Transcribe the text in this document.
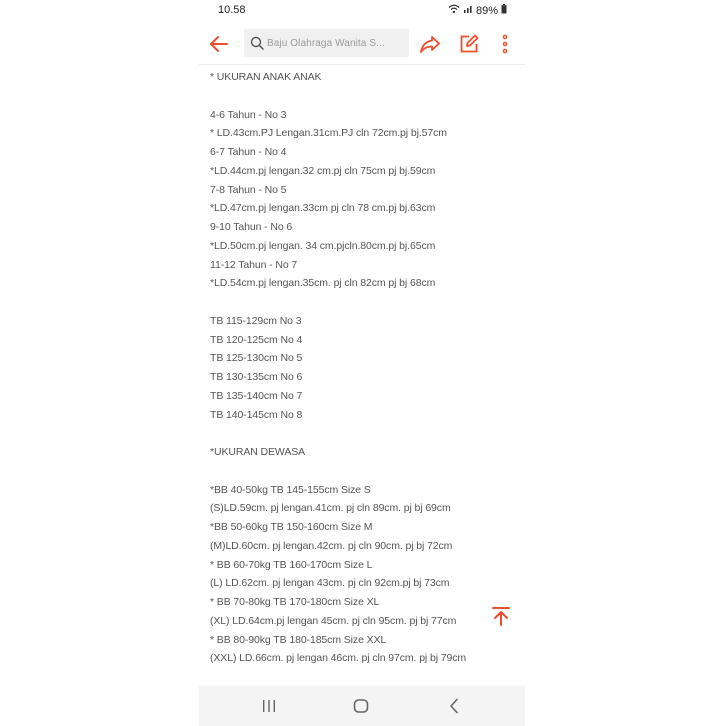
10.58	89%
Baju Olahraga Wanita S...
* UKURAN ANAK ANAK
4-6 Tahun - No 3
* LD.43cm.PJ Lengan.31cm.PJ cln 72cm.pj bj.57cm
6-7 Tahun - No 4
*LD.44cm.pj lengan.32 cm.pj cln 75cm pj bj.59cm
7-8 Tahun - No 5
*LD.47cm.pj lengan.33cm pj cln 78 cm.pj bj.63cm
9-10 Tahun - No 6
*LD.50cm.pj lengan. 34 cm.pjcln.80cm.pj bj.65cm
11-12 Tahun - No 7
*LD.54cm.pj lengan.35cm. pj cln 82cm pj bj 68cm
TB 115-129cm No 3
TB 120-125cm No 4
TB 125-130cm No 5
TB 130-135cm No 6
TB 135-140cm No 7
TB 140-145cm No 8
*UKURAN DEWASA
*BB 40-50kg TB 145-155cm Size S
(S)LD.59cm. pj lengan.41cm. pj cln 89cm. pj bj 69cm
*BB 50-60kg TB 150-160cm Size M
(M)LD.60cm. pj lengan.42cm. pj cln 90cm. pj bj 72cm
* BB 60-70kg TB 160-170cm Size L
(L) LD.62cm. pj lengan 43cm. pj cln 92cm.pj bj 73cm
* BB 70-80kg TB 170-180cm Size XL
(XL) LD.64cm.pj lengan 45cm. pj cln 95cm. pj bj 77cm
* BB 80-90kg TB 180-185cm Size XXL
(XXL) LD.66cm. pj lengan 46cm. pj cln 97cm. pj bj 79cm
